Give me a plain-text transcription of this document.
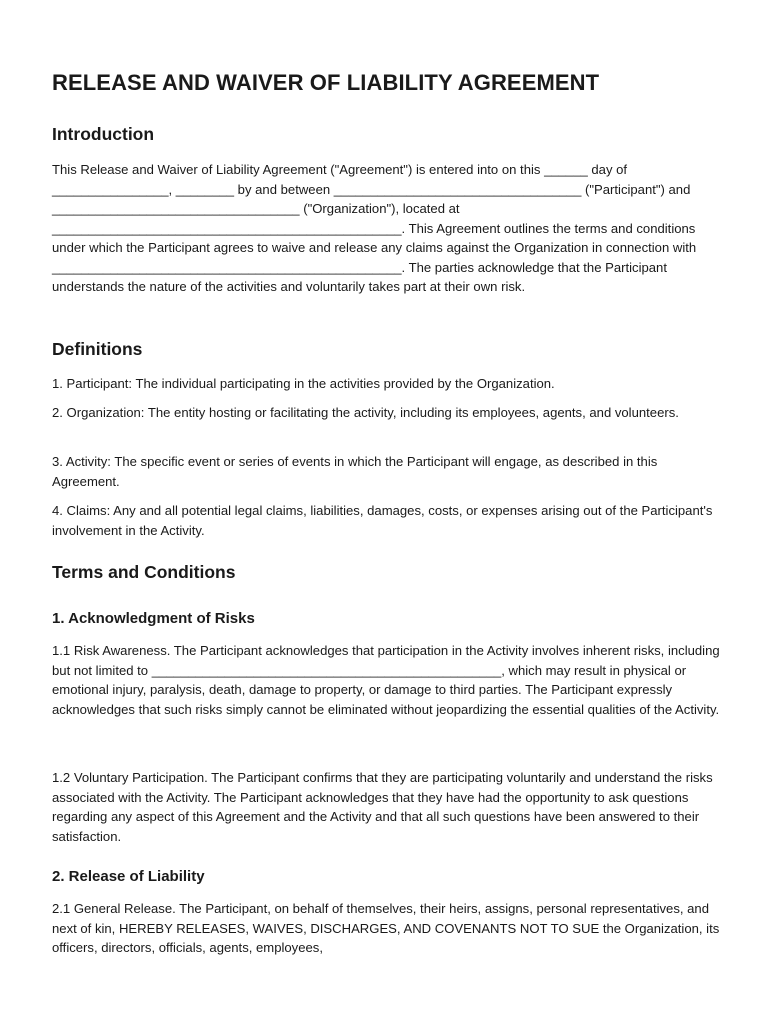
RELEASE AND WAIVER OF LIABILITY AGREEMENT
Introduction

This Release and Waiver of Liability Agreement ("Agreement") is entered into on this ______ day of ________________, ________ by and between __________________________________ ("Participant") and __________________________________ ("Organization"), located at ________________________________________________. This Agreement outlines the terms and conditions under which the Participant agrees to waive and release any claims against the Organization in connection with ________________________________________________. The parties acknowledge that the Participant understands the nature of the activities and voluntarily takes part at their own risk.

Definitions

1. Participant: The individual participating in the activities provided by the Organization.

2. Organization: The entity hosting or facilitating the activity, including its employees, agents, and volunteers.

3. Activity: The specific event or series of events in which the Participant will engage, as described in this Agreement.

4. Claims: Any and all potential legal claims, liabilities, damages, costs, or expenses arising out of the Participant's involvement in the Activity.

Terms and Conditions
1. Acknowledgment of Risks

1.1 Risk Awareness. The Participant acknowledges that participation in the Activity involves inherent risks, including but not limited to ________________________________________________, which may result in physical or emotional injury, paralysis, death, damage to property, or damage to third parties. The Participant expressly acknowledges that such risks simply cannot be eliminated without jeopardizing the essential qualities of the Activity.

1.2 Voluntary Participation. The Participant confirms that they are participating voluntarily and understand the risks associated with the Activity. The Participant acknowledges that they have had the opportunity to ask questions regarding any aspect of this Agreement and the Activity and that all such questions have been answered to their satisfaction.

2. Release of Liability

2.1 General Release. The Participant, on behalf of themselves, their heirs, assigns, personal representatives, and next of kin, HEREBY RELEASES, WAIVES, DISCHARGES, AND COVENANTS NOT TO SUE the Organization, its officers, directors, officials, agents, employees,
